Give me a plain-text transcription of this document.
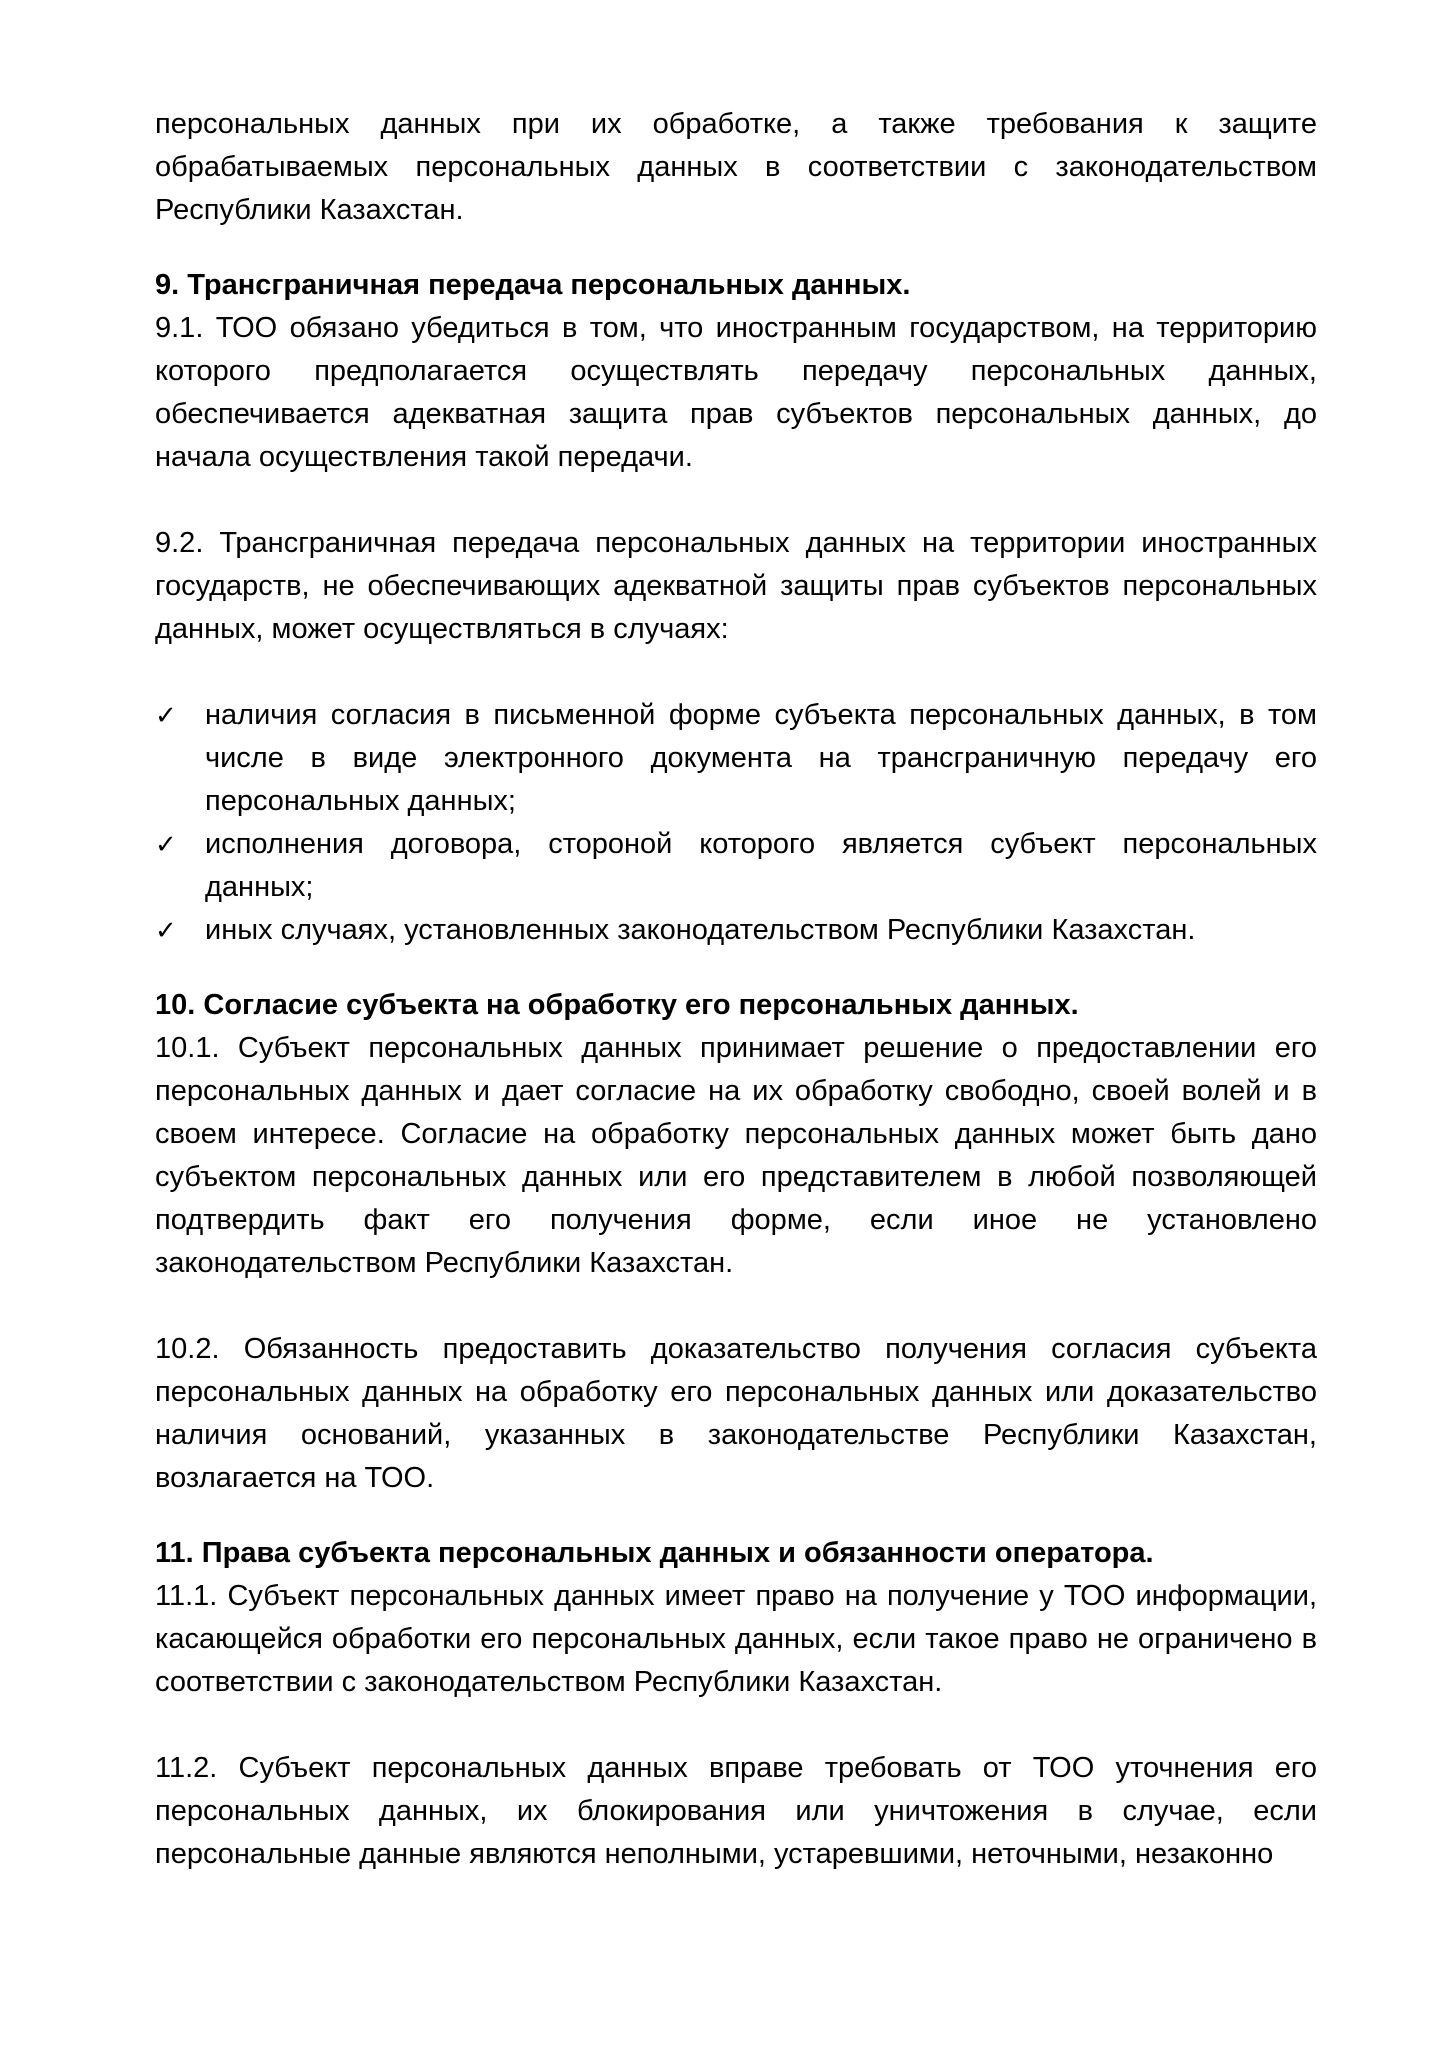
персональных данных при их обработке, а также требования к защите обрабатываемых персональных данных в соответствии с законодательством Республики Казахстан.

9. Трансграничная передача персональных данных.

9.1. ТОО обязано убедиться в том, что иностранным государством, на территорию которого предполагается осуществлять передачу персональных данных, обеспечивается адекватная защита прав субъектов персональных данных, до начала осуществления такой передачи.

9.2. Трансграничная передача персональных данных на территории иностранных государств, не обеспечивающих адекватной защиты прав субъектов персональных данных, может осуществляться в случаях:

✓ наличия согласия в письменной форме субъекта персональных данных, в том числе в виде электронного документа на трансграничную передачу его персональных данных;
✓ исполнения договора, стороной которого является субъект персональных данных;
✓ иных случаях, установленных законодательством Республики Казахстан.
10. Согласие субъекта на обработку его персональных данных.

10.1. Субъект персональных данных принимает решение о предоставлении его персональных данных и дает согласие на их обработку свободно, своей волей и в своем интересе. Согласие на обработку персональных данных может быть дано субъектом персональных данных или его представителем в любой позволяющей подтвердить факт его получения форме, если иное не установлено законодательством Республики Казахстан.

10.2. Обязанность предоставить доказательство получения согласия субъекта персональных данных на обработку его персональных данных или доказательство наличия оснований, указанных в законодательстве Республики Казахстан, возлагается на ТОО.

11. Права субъекта персональных данных и обязанности оператора.

11.1. Субъект персональных данных имеет право на получение у ТОО информации, касающейся обработки его персональных данных, если такое право не ограничено в соответствии с законодательством Республики Казахстан.

11.2. Субъект персональных данных вправе требовать от ТОО уточнения его персональных данных, их блокирования или уничтожения в случае, если персональные данные являются неполными, устаревшими, неточными, незаконно
